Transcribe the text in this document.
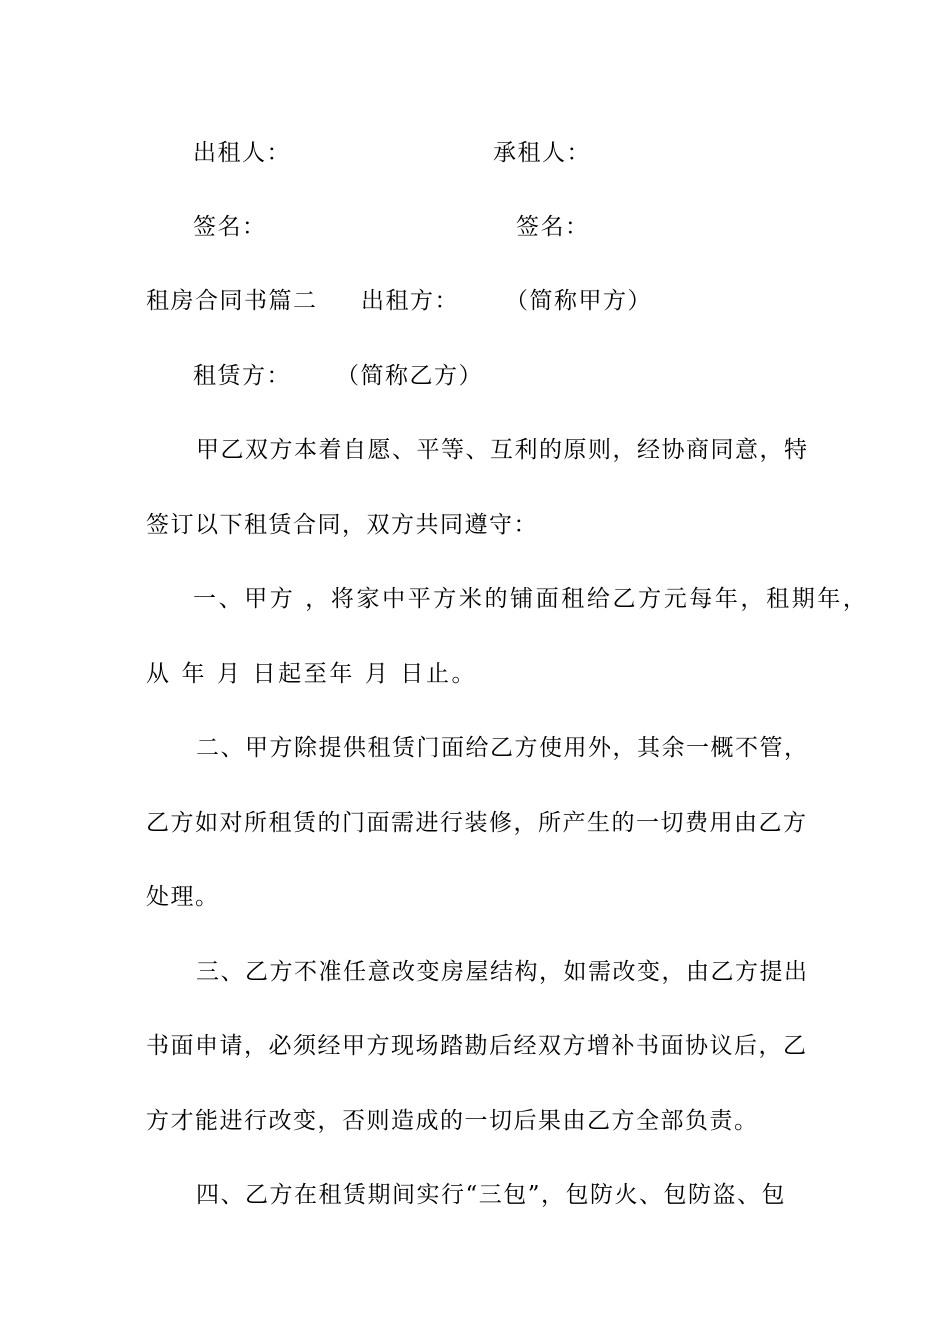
出租人：	承租人：
签名：	签名：
租房合同书篇二 出租方： （简称甲方）
租赁方： （简称乙方）
甲乙双方本着自愿、平等、互利的原则，经协商同意，特
签订以下租赁合同，双方共同遵守：
一、甲方 ，将家中平方米的铺面租给乙方元每年，租期年，
从 年 月 日起至年 月 日止。
二、甲方除提供租赁门面给乙方使用外，其余一概不管，
乙方如对所租赁的门面需进行装修，所产生的一切费用由乙方
处理。
三、乙方不准任意改变房屋结构，如需改变，由乙方提出
书面申请，必须经甲方现场踏勘后经双方增补书面协议后，乙
方才能进行改变，否则造成的一切后果由乙方全部负责。
四、乙方在租赁期间实行“三包”，包防火、包防盗、包
